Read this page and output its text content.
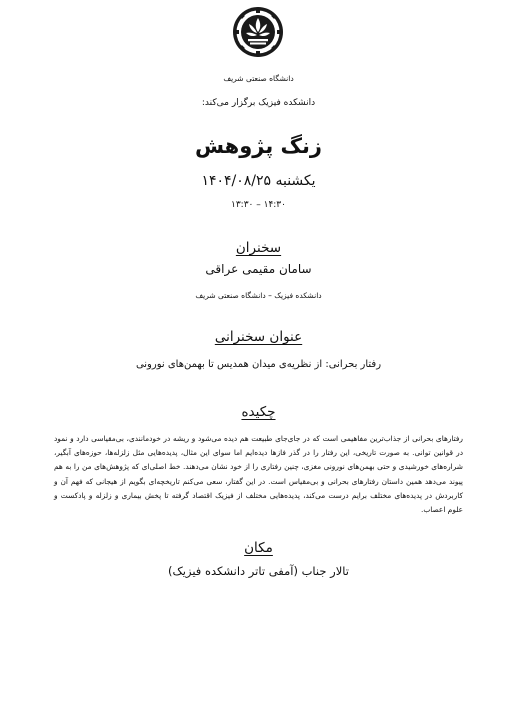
دانشگاه صنعتی شریف
دانشکده فیزیک برگزار می‌کند:
زنگ پژوهش
یکشنبه ۱۴۰۴/۰۸/۲۵
۱۳:۳۰ – ۱۴:۳۰
سخنران
سامان مقیمی عراقی
دانشکده فیزیک – دانشگاه صنعتی شریف
عنوان سخنرانی
رفتار بحرانی: از نظریه‌ی میدان همدیس تا بهمن‌های نورونی
چکیده
رفتارهای بحرانی از جذاب‌ترین مفاهیمی است که در جای‌جای طبیعت هم دیده می‌شود و ریشه در خودمانندی، بی‌مقیاسی دارد و نمود در قوانین توانی. به صورت تاریخی، این رفتار را در گذر فازها دیده‌ایم اما سوای این مثال، پدیده‌هایی مثل زلزله‌ها، حوزه‌های آبگیر، شراره‌های خورشیدی و حتی بهمن‌های نورونی مغزی، چنین رفتاری را از خود نشان می‌دهند. خط اصلی‌ای که پژوهش‌های من را به هم پیوند می‌دهد همین داستان رفتارهای بحرانی و بی‌مقیاس است. در این گفتار، سعی می‌کنم تاریخچه‌ای بگویم از هیجانی که فهم آن و کاربردش در پدیده‌های مختلف برایم درست می‌کند، پدیده‌هایی مختلف از فیزیک اقتصاد گرفته تا پخش بیماری و زلزله و پادکست و علوم اعصاب.
مکان
تالار جناب (آمفی تاتر دانشکده فیزیک)
